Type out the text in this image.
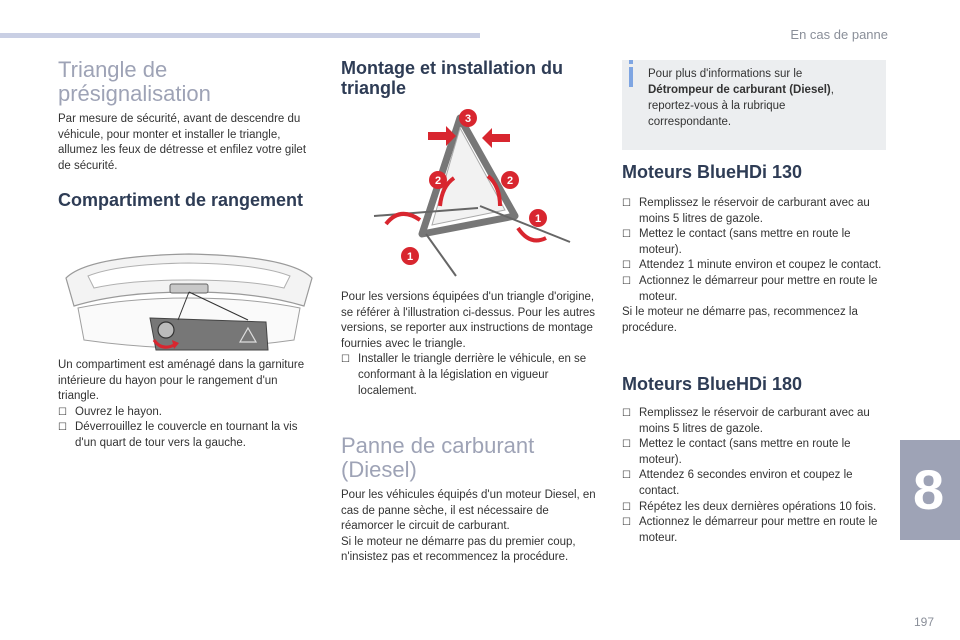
En cas de panne
Triangle de présignalisation

Par mesure de sécurité, avant de descendre du véhicule, pour monter et installer le triangle, allumez les feux de détresse et enfilez votre gilet de sécurité.

Compartiment de rangement

Un compartiment est aménagé dans la garniture intérieure du hayon pour le rangement d'un triangle.

☐ Ouvrez le hayon.
☐ Déverrouillez le couvercle en tournant la vis d'un quart de tour vers la gauche.
Montage et installation du triangle
3
2	2
1
1

Pour les versions équipées d'un triangle d'origine, se référer à l'illustration ci-dessus. Pour les autres versions, se reporter aux instructions de montage fournies avec le triangle.

☐ Installer le triangle derrière le véhicule, en se conformant à la législation en vigueur localement.
Panne de carburant (Diesel)

Pour les véhicules équipés d'un moteur Diesel, en cas de panne sèche, il est nécessaire de réamorcer le circuit de carburant.

Si le moteur ne démarre pas du premier coup, n'insistez pas et recommencez la procédure.

Pour plus d'informations sur le Détrompeur de carburant (Diesel), reportez-vous à la rubrique correspondante.
Moteurs BlueHDi 130
☐ Remplissez le réservoir de carburant avec au moins 5 litres de gazole.
☐ Mettez le contact (sans mettre en route le moteur).
☐ Attendez 1 minute environ et coupez le contact.
☐ Actionnez le démarreur pour mettre en route le moteur.

Si le moteur ne démarre pas, recommencez la procédure.

Moteurs BlueHDi 180
☐ Remplissez le réservoir de carburant avec au moins 5 litres de gazole.
☐ Mettez le contact (sans mettre en route le moteur).
☐ Attendez 6 secondes environ et coupez le contact.
☐ Répétez les deux dernières opérations 10 fois.
☐ Actionnez le démarreur pour mettre en route le moteur.
8
197
